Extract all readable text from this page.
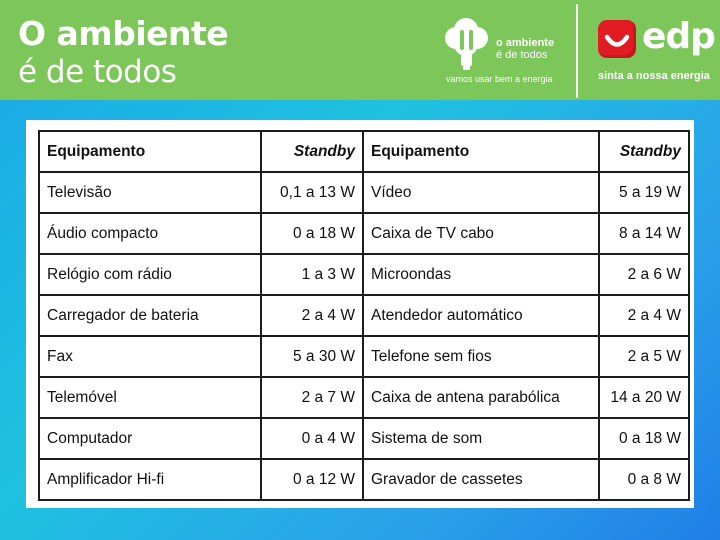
O ambiente
é de todos
o ambiente
é de todos
vamos usar bem a energia
edp
sinta a nossa energia
Equipamento	Standby	Equipamento	Standby
Televisão	0,1 a 13 W	Vídeo	5 a 19 W
Áudio compacto	0 a 18 W	Caixa de TV cabo	8 a 14 W
Relógio com rádio	1 a 3 W	Microondas	2 a 6 W
Carregador de bateria	2 a 4 W	Atendedor automático	2 a 4 W
Fax	5 a 30 W	Telefone sem fios	2 a 5 W
Telemóvel	2 a 7 W	Caixa de antena parabólica	14 a 20 W
Computador	0 a 4 W	Sistema de som	0 a 18 W
Amplificador Hi-fi	0 a 12 W	Gravador de cassetes	0 a 8 W
